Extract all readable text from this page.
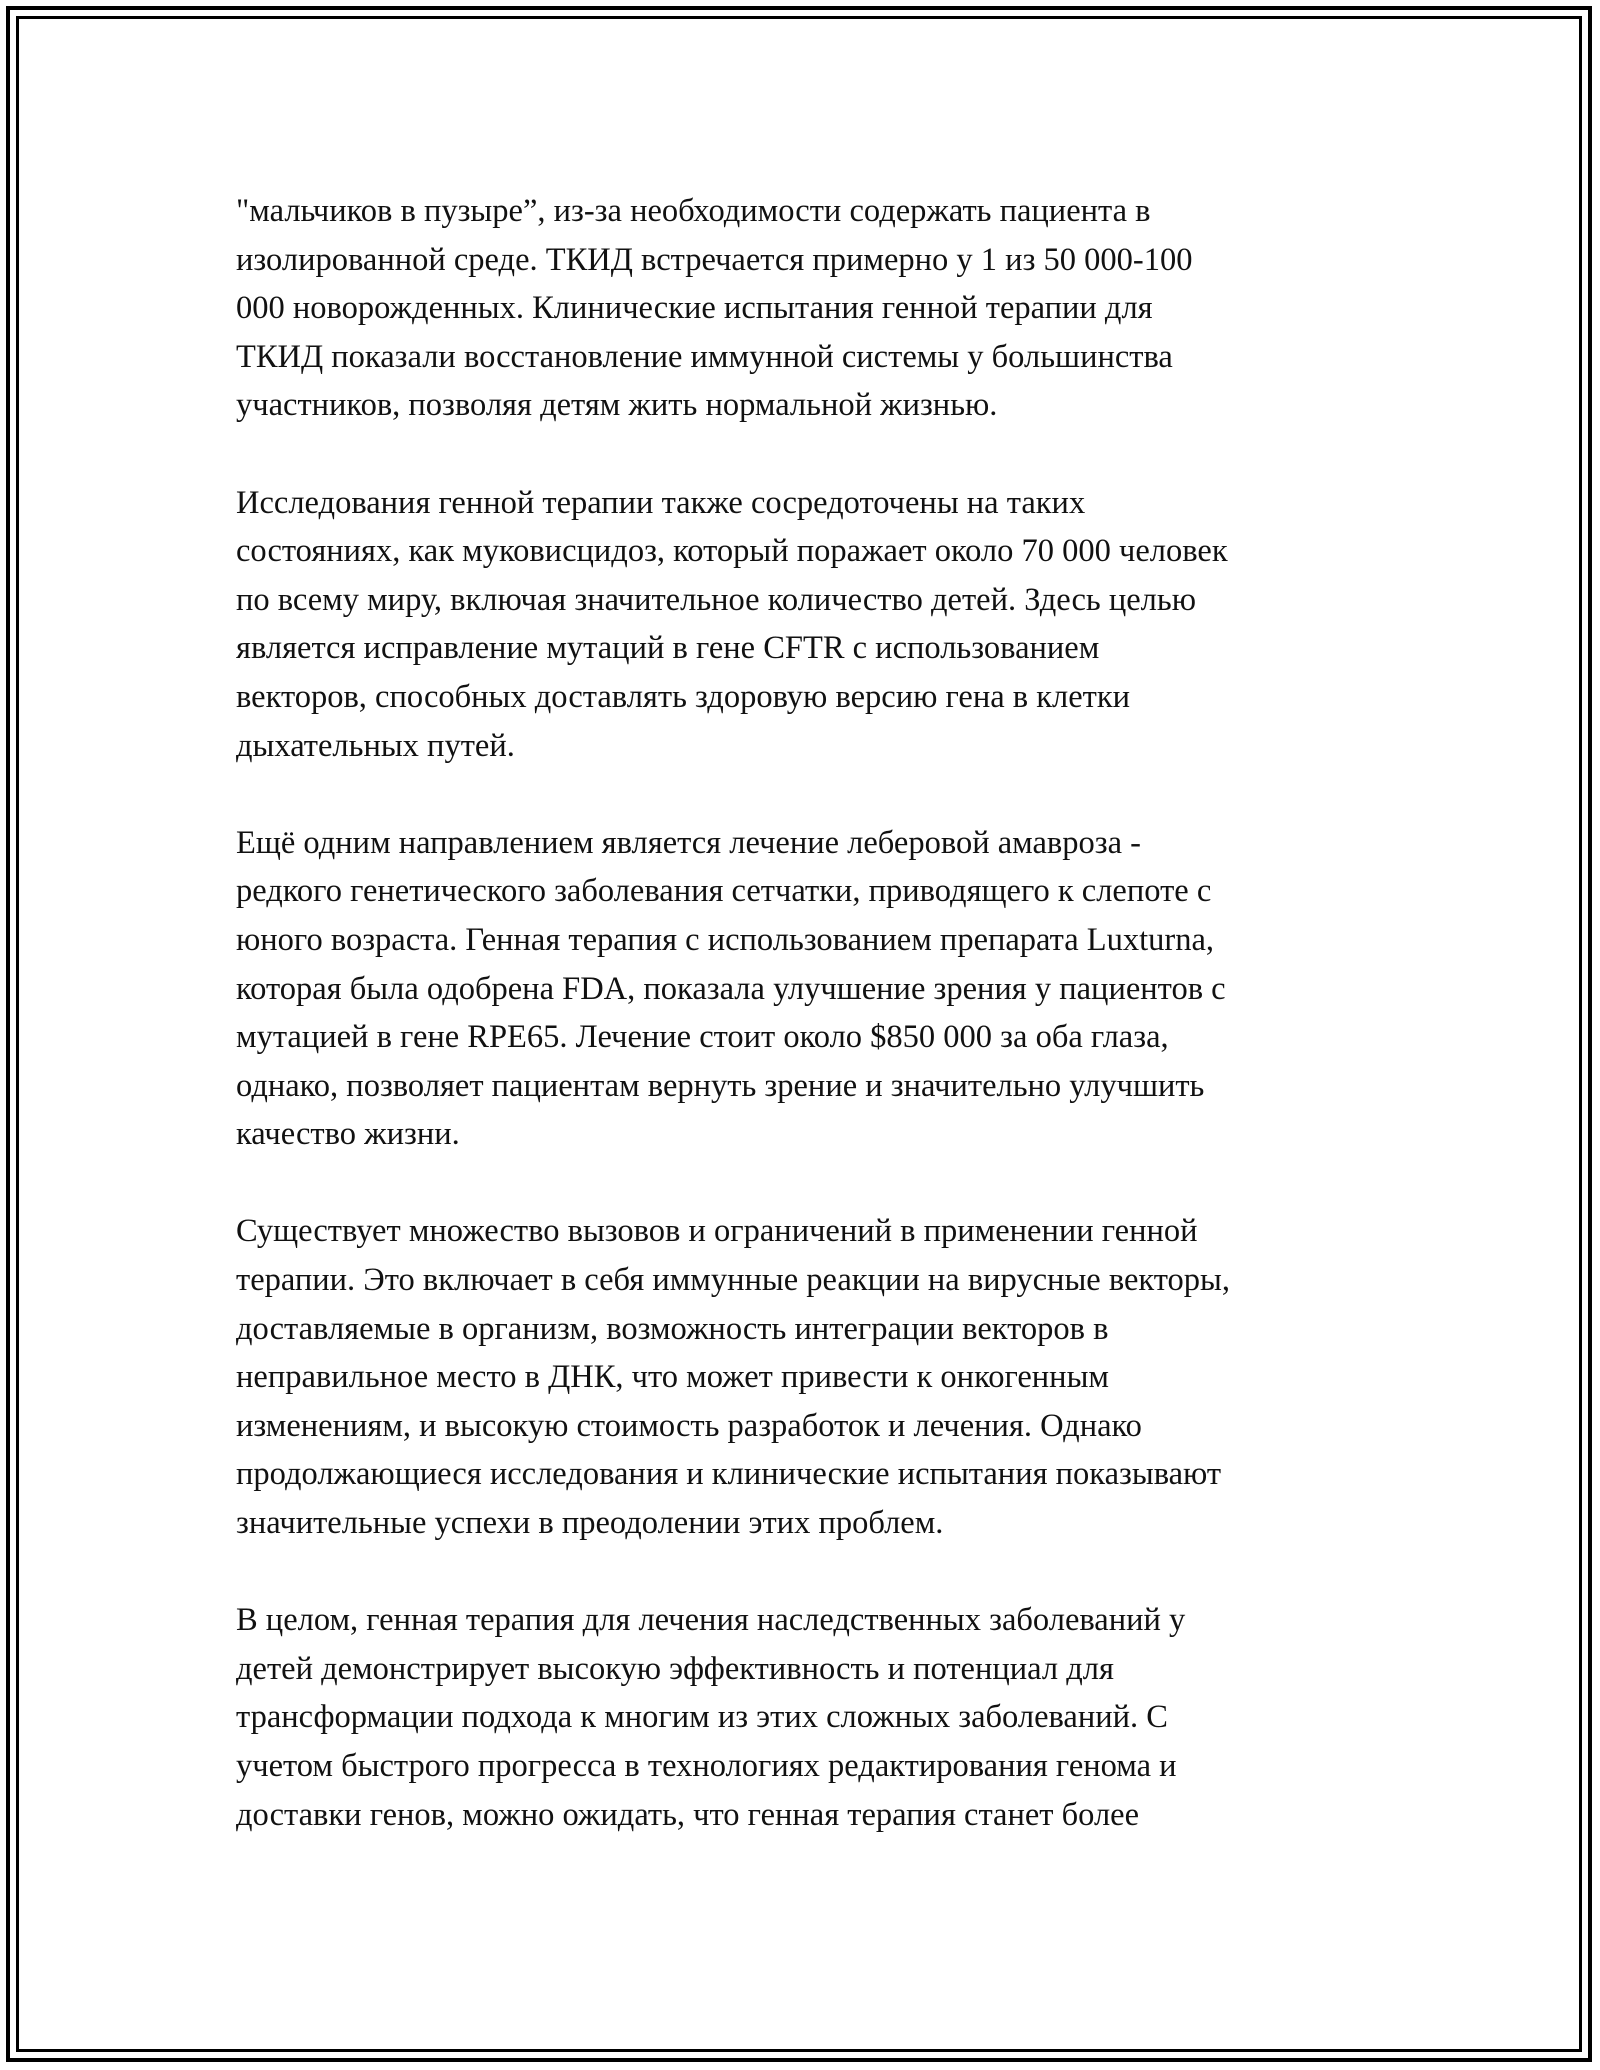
"мальчиков в пузыре”, из-за необходимости содержать пациента в
изолированной среде. ТКИД встречается примерно у 1 из 50 000-100
000 новорожденных. Клинические испытания генной терапии для
ТКИД показали восстановление иммунной системы у большинства
участников, позволяя детям жить нормальной жизнью.

Исследования генной терапии также сосредоточены на таких
состояниях, как муковисцидоз, который поражает около 70 000 человек
по всему миру, включая значительное количество детей. Здесь целью
является исправление мутаций в гене CFTR с использованием
векторов, способных доставлять здоровую версию гена в клетки
дыхательных путей.

Ещё одним направлением является лечение леберовой амавроза -
редкого генетического заболевания сетчатки, приводящего к слепоте с
юного возраста. Генная терапия с использованием препарата Luxturna,
которая была одобрена FDA, показала улучшение зрения у пациентов с
мутацией в гене RPE65. Лечение стоит около $850 000 за оба глаза,
однако, позволяет пациентам вернуть зрение и значительно улучшить
качество жизни.

Существует множество вызовов и ограничений в применении генной
терапии. Это включает в себя иммунные реакции на вирусные векторы,
доставляемые в организм, возможность интеграции векторов в
неправильное место в ДНК, что может привести к онкогенным
изменениям, и высокую стоимость разработок и лечения. Однако
продолжающиеся исследования и клинические испытания показывают
значительные успехи в преодолении этих проблем.

В целом, генная терапия для лечения наследственных заболеваний у
детей демонстрирует высокую эффективность и потенциал для
трансформации подхода к многим из этих сложных заболеваний. С
учетом быстрого прогресса в технологиях редактирования генома и
доставки генов, можно ожидать, что генная терапия станет более
